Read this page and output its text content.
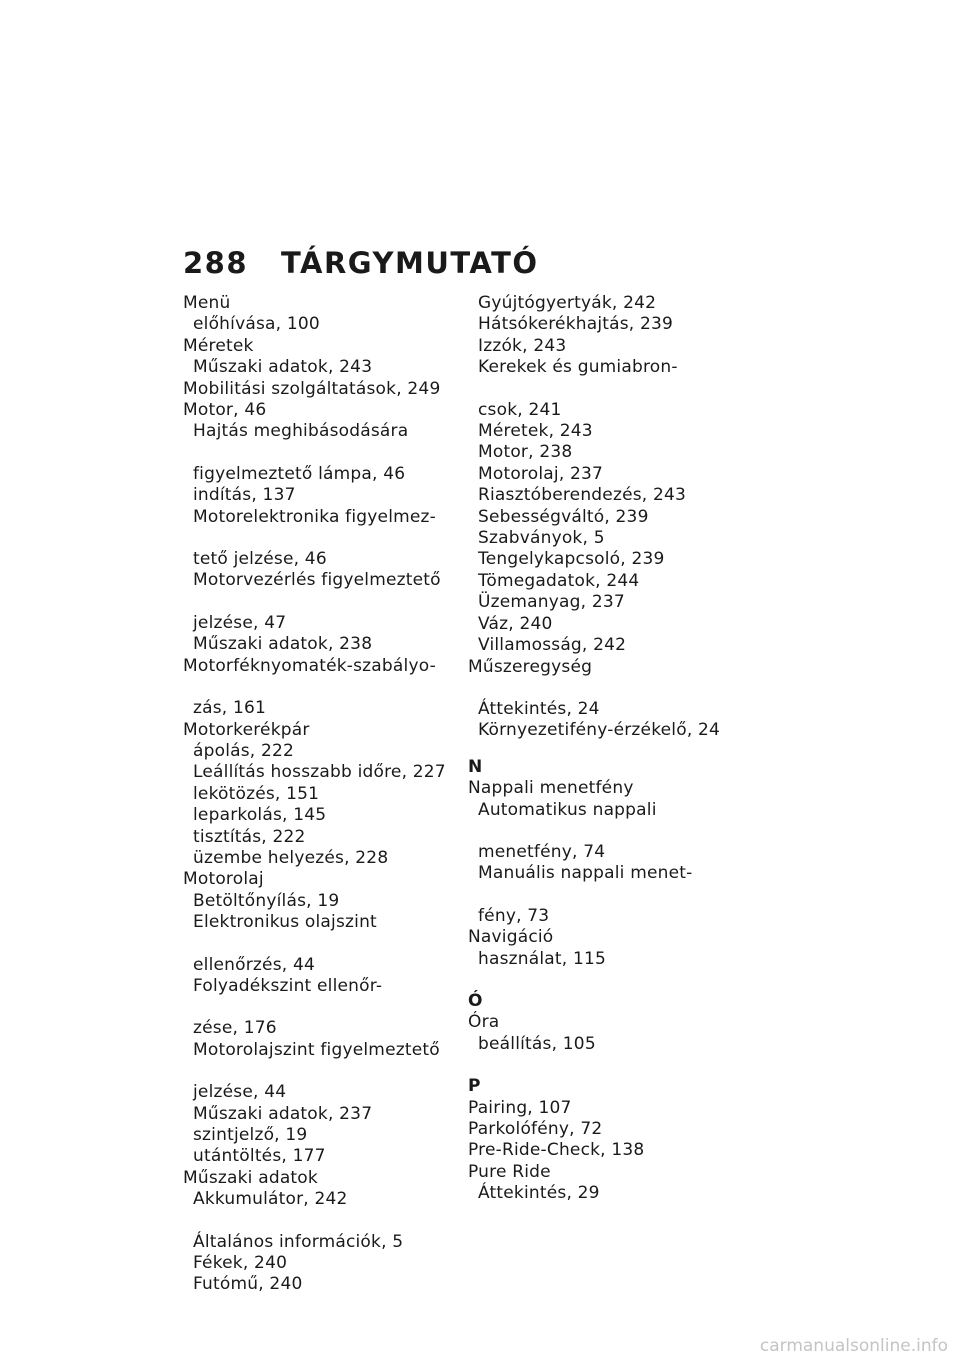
288 TÁRGYMUTATÓ
Menü
előhívása, 100
Méretek
Műszaki adatok, 243
Mobilitási szolgáltatások, 249
Motor, 46
Hajtás meghibásodására
figyelmeztető lámpa, 46
indítás, 137
Motorelektronika figyelmez-
tető jelzése, 46
Motorvezérlés figyelmeztető
jelzése, 47
Műszaki adatok, 238
Motorféknyomaték-szabályo-
zás, 161
Motorkerékpár
ápolás, 222
Leállítás hosszabb időre, 227
lekötözés, 151
leparkolás, 145
tisztítás, 222
üzembe helyezés, 228
Motorolaj
Betöltőnyílás, 19
Elektronikus olajszint
ellenőrzés, 44
Folyadékszint ellenőr-
zése, 176
Motorolajszint figyelmeztető
jelzése, 44
Műszaki adatok, 237
szintjelző, 19
utántöltés, 177
Műszaki adatok
Akkumulátor, 242
Általános információk, 5
Fékek, 240
Futómű, 240
Gyújtógyertyák, 242
Hátsókerékhajtás, 239
Izzók, 243
Kerekek és gumiabron-
csok, 241
Méretek, 243
Motor, 238
Motorolaj, 237
Riasztóberendezés, 243
Sebességváltó, 239
Szabványok, 5
Tengelykapcsoló, 239
Tömegadatok, 244
Üzemanyag, 237
Váz, 240
Villamosság, 242
Műszeregység
Áttekintés, 24
Környezetifény-érzékelő, 24
N
Nappali menetfény
Automatikus nappali
menetfény, 74
Manuális nappali menet-
fény, 73
Navigáció
használat, 115
Ó
Óra
beállítás, 105
P
Pairing, 107
Parkolófény, 72
Pre-Ride-Check, 138
Pure Ride
Áttekintés, 29
carmanualsonline.info
